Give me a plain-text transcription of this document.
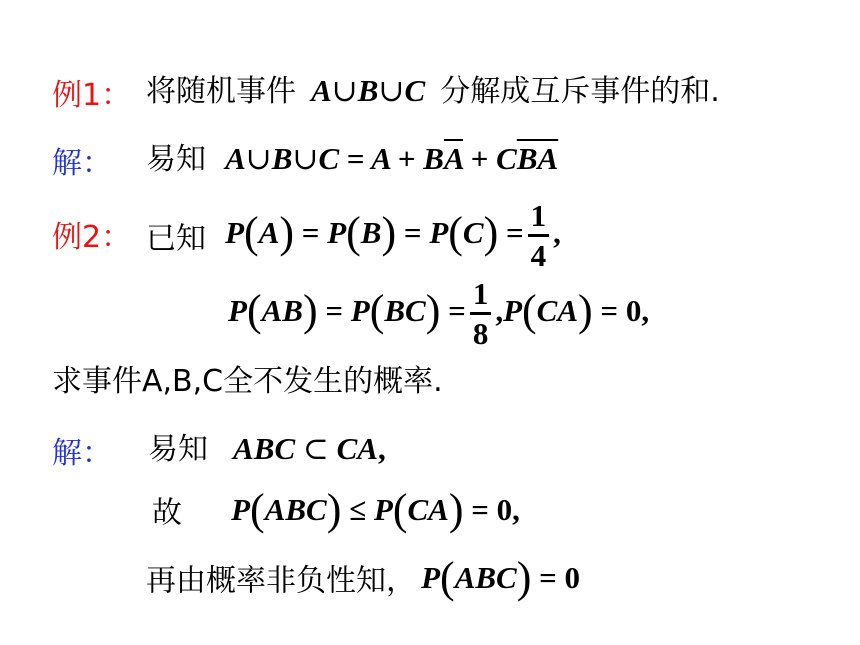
例1： 将随机事件 A∪B∪C 分解成互斥事件的和.
解： 易知 A∪B∪C = $A + B\overline{A} + C\overline{B}\overline{A}$
例2： 已知 $P(A) = P(B) = P(C) = \frac{1}{4}$ ,
$P(AB) = P(BC) = \frac{1}{8} ,P(CA) = 0$,
求事件A,B,C全不发生的概率.
解： 易知 ABC ⊂ CA,
故 P(ABC) ≤ P(CA) = 0,
再由概率非负性知， P(ABC) = 0
